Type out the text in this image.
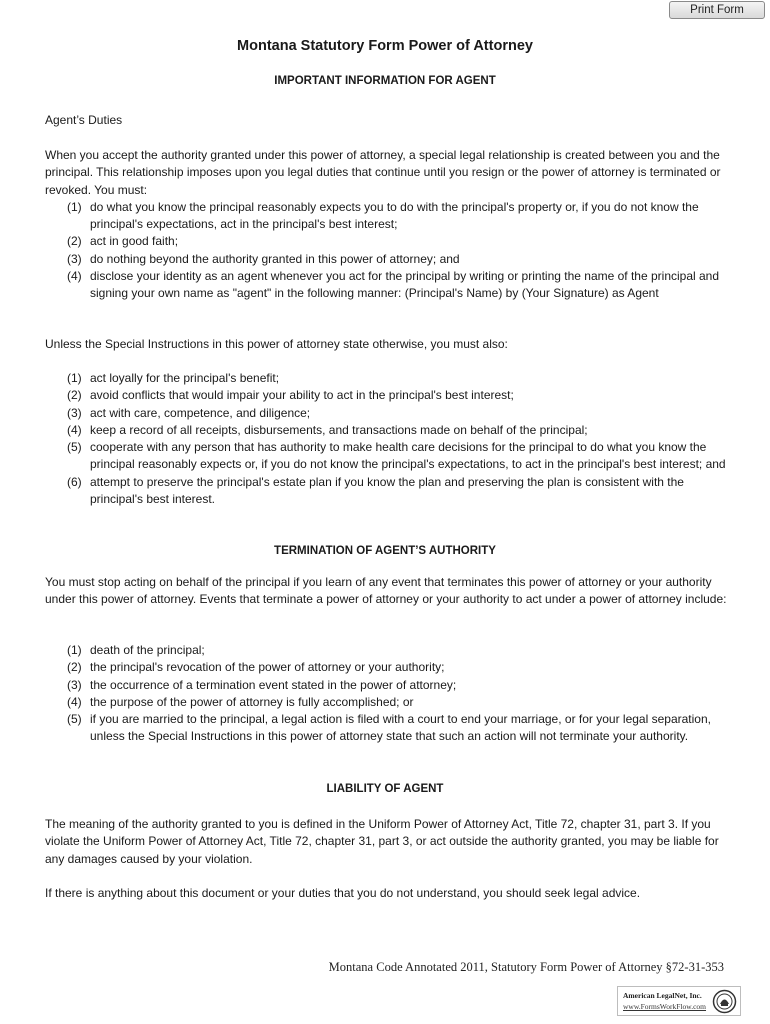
Print Form
Montana Statutory Form Power of Attorney
IMPORTANT INFORMATION FOR AGENT
Agent’s Duties

When you accept the authority granted under this power of attorney, a special legal relationship is created between you and the principal. This relationship imposes upon you legal duties that continue until you resign or the power of attorney is terminated or revoked. You must:

(1) do what you know the principal reasonably expects you to do with the principal's property or, if you do not know the principal's expectations, act in the principal's best interest;
(2) act in good faith;
(3) do nothing beyond the authority granted in this power of attorney; and
(4) disclose your identity as an agent whenever you act for the principal by writing or printing the name of the principal and signing your own name as "agent" in the following manner: (Principal's Name) by (Your Signature) as Agent
Unless the Special Instructions in this power of attorney state otherwise, you must also:
(1) act loyally for the principal's benefit;
(2) avoid conflicts that would impair your ability to act in the principal's best interest;
(3) act with care, competence, and diligence;
(4) keep a record of all receipts, disbursements, and transactions made on behalf of the principal;
(5) cooperate with any person that has authority to make health care decisions for the principal to do what you know the principal reasonably expects or, if you do not know the principal's expectations, to act in the principal's best interest; and
(6) attempt to preserve the principal's estate plan if you know the plan and preserving the plan is consistent with the principal's best interest.
TERMINATION OF AGENT’S AUTHORITY
You must stop acting on behalf of the principal if you learn of any event that terminates this power of attorney or your authority under this power of attorney. Events that terminate a power of attorney or your authority to act under a power of attorney include:
(1) death of the principal;
(2) the principal's revocation of the power of attorney or your authority;
(3) the occurrence of a termination event stated in the power of attorney;
(4) the purpose of the power of attorney is fully accomplished; or
(5) if you are married to the principal, a legal action is filed with a court to end your marriage, or for your legal separation, unless the Special Instructions in this power of attorney state that such an action will not terminate your authority.
LIABILITY OF AGENT
The meaning of the authority granted to you is defined in the Uniform Power of Attorney Act, Title 72, chapter 31, part 3. If you violate the Uniform Power of Attorney Act, Title 72, chapter 31, part 3, or act outside the authority granted, you may be liable for any damages caused by your violation.
If there is anything about this document or your duties that you do not understand, you should seek legal advice.
Montana Code Annotated 2011, Statutory Form Power of Attorney §72-31-353
American LegalNet, Inc.
www.FormsWorkFlow.com
